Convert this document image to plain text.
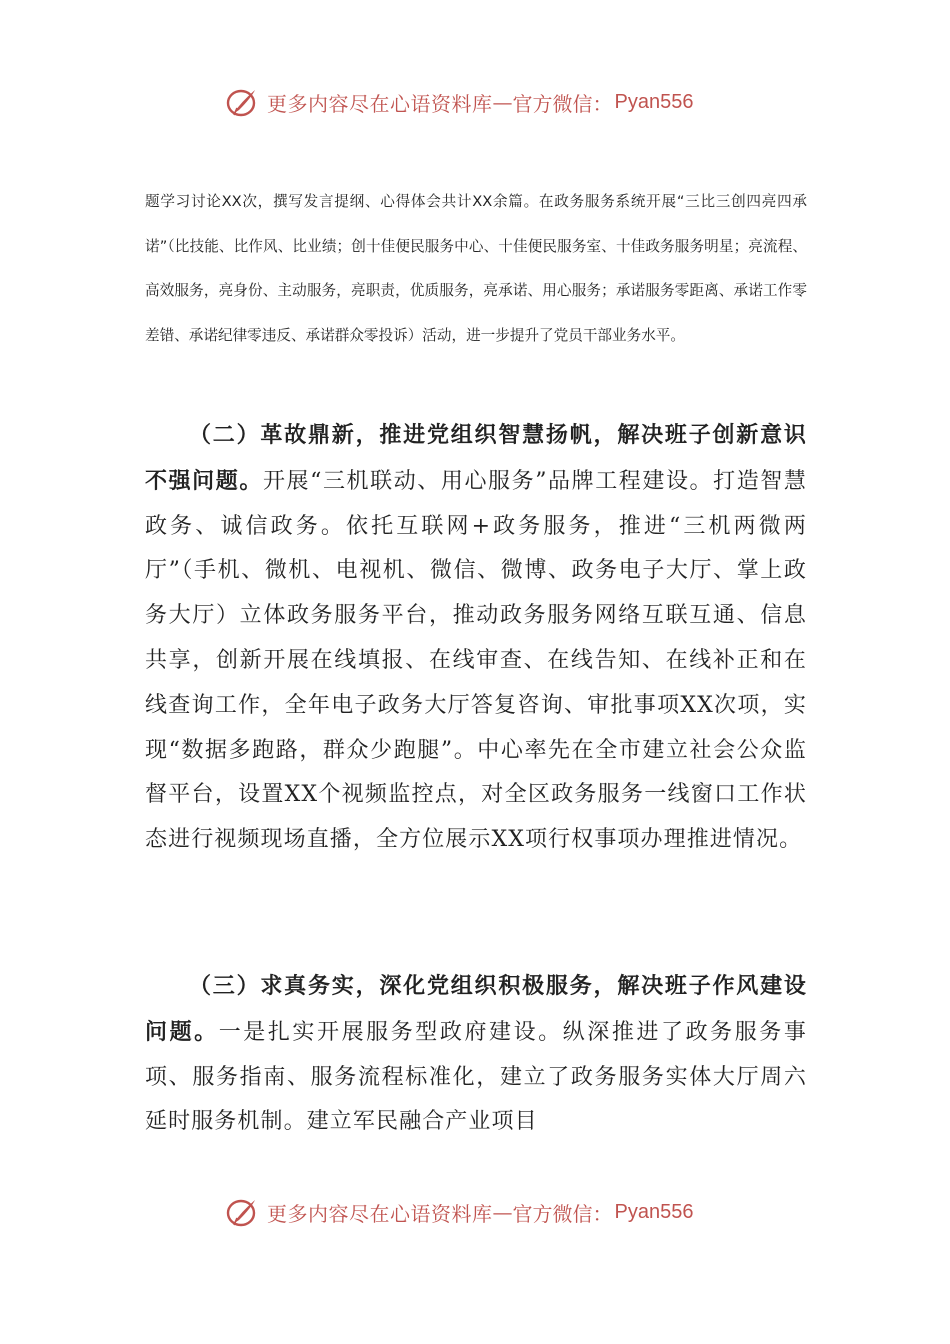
更多内容尽在心语资料库 — 官方微信： Pyan556

题学习讨论XX次，撰写发言提纲、心得体会共计XX余篇。在政务服务系统开展“三比三创四亮四承诺”（比技能、比作风、比业绩；创十佳便民服务中心、十佳便民服务室、十佳政务服务明星；亮流程、高效服务，亮身份、主动服务，亮职责，优质服务，亮承诺、用心服务；承诺服务零距离、承诺工作零差错、承诺纪律零违反、承诺群众零投诉）活动，进一步提升了党员干部业务水平。

（二）革故鼎新，推进党组织智慧扬帆，解决班子创新意识不强问题。开展“三机联动、用心服务”品牌工程建设。打造智慧政务、诚信政务。依托互联网+政务服务，推进“三机两微两厅”（手机、微机、电视机、微信、微博、政务电子大厅、掌上政务大厅）立体政务服务平台，推动政务服务网络互联互通、信息共享，创新开展在线填报、在线审查、在线告知、在线补正和在线查询工作，全年电子政务大厅答复咨询、审批事项XX次项，实现“数据多跑路，群众少跑腿”。中心率先在全市建立社会公众监督平台，设置XX个视频监控点，对全区政务服务一线窗口工作状态进行视频现场直播，全方位展示XX项行权事项办理推进情况。

（三）求真务实，深化党组织积极服务，解决班子作风建设问题。一是扎实开展服务型政府建设。纵深推进了政务服务事项、服务指南、服务流程标准化，建立了政务服务实体大厅周六延时服务机制。建立军民融合产业项目

更多内容尽在心语资料库 — 官方微信： Pyan556
